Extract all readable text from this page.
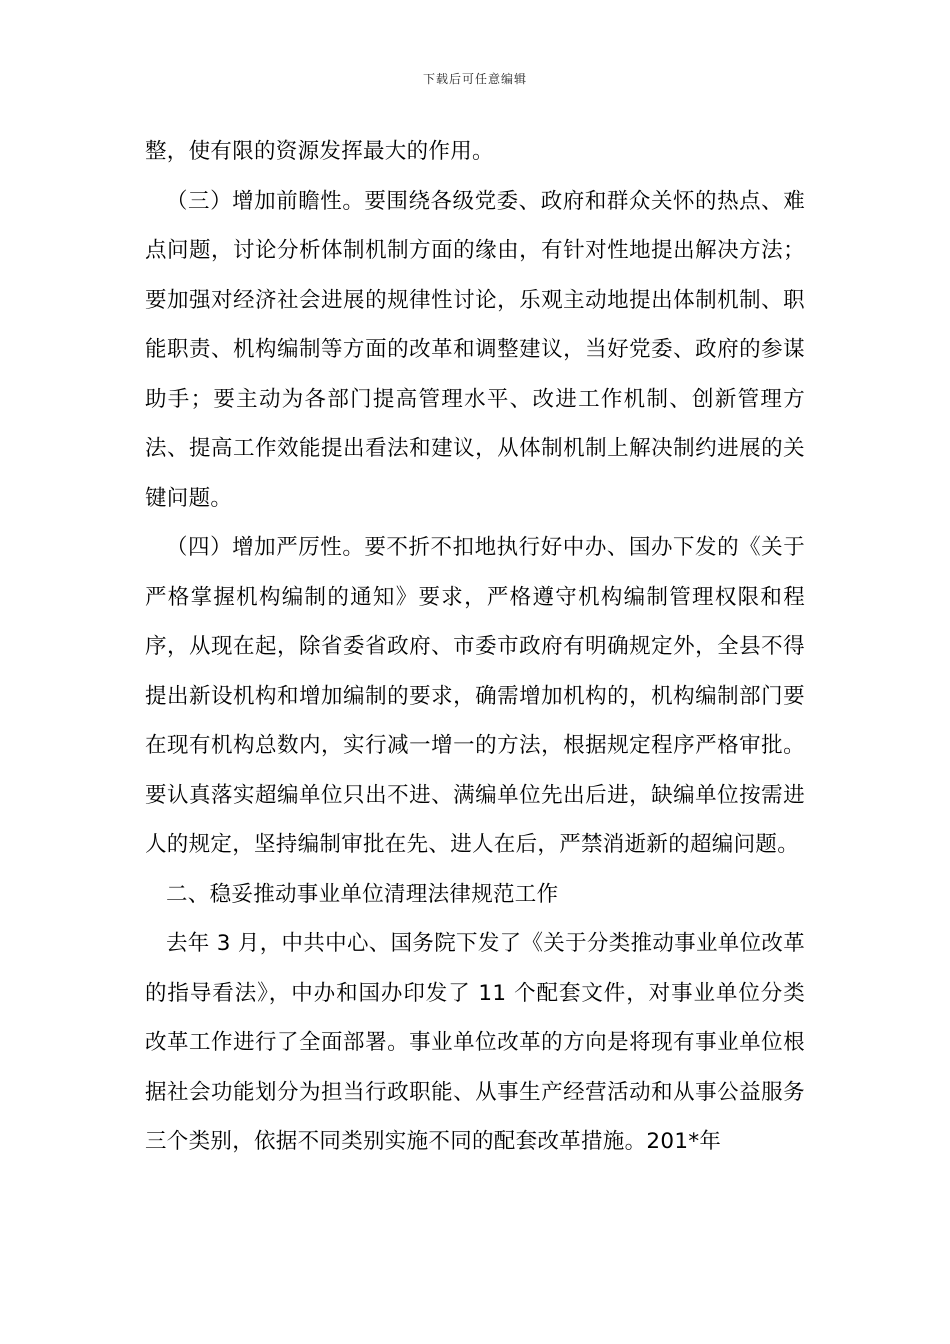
下载后可任意编辑

整，使有限的资源发挥最大的作用。

（三）增加前瞻性。要围绕各级党委、政府和群众关怀的热点、难点问题，讨论分析体制机制方面的缘由，有针对性地提出解决方法；要加强对经济社会进展的规律性讨论，乐观主动地提出体制机制、职能职责、机构编制等方面的改革和调整建议，当好党委、政府的参谋助手；要主动为各部门提高管理水平、改进工作机制、创新管理方法、提高工作效能提出看法和建议，从体制机制上解决制约进展的关键问题。

（四）增加严厉性。要不折不扣地执行好中办、国办下发的《关于严格掌握机构编制的通知》要求，严格遵守机构编制管理权限和程序，从现在起，除省委省政府、市委市政府有明确规定外，全县不得提出新设机构和增加编制的要求，确需增加机构的，机构编制部门要在现有机构总数内，实行减一增一的方法，根据规定程序严格审批。要认真落实超编单位只出不进、满编单位先出后进，缺编单位按需进人的规定，坚持编制审批在先、进人在后，严禁消逝新的超编问题。

二、稳妥推动事业单位清理法律规范工作

去年 3 月，中共中心、国务院下发了《关于分类推动事业单位改革的指导看法》，中办和国办印发了 11 个配套文件，对事业单位分类改革工作进行了全面部署。事业单位改革的方向是将现有事业单位根据社会功能划分为担当行政职能、从事生产经营活动和从事公益服务三个类别，依据不同类别实施不同的配套改革措施。201*年
